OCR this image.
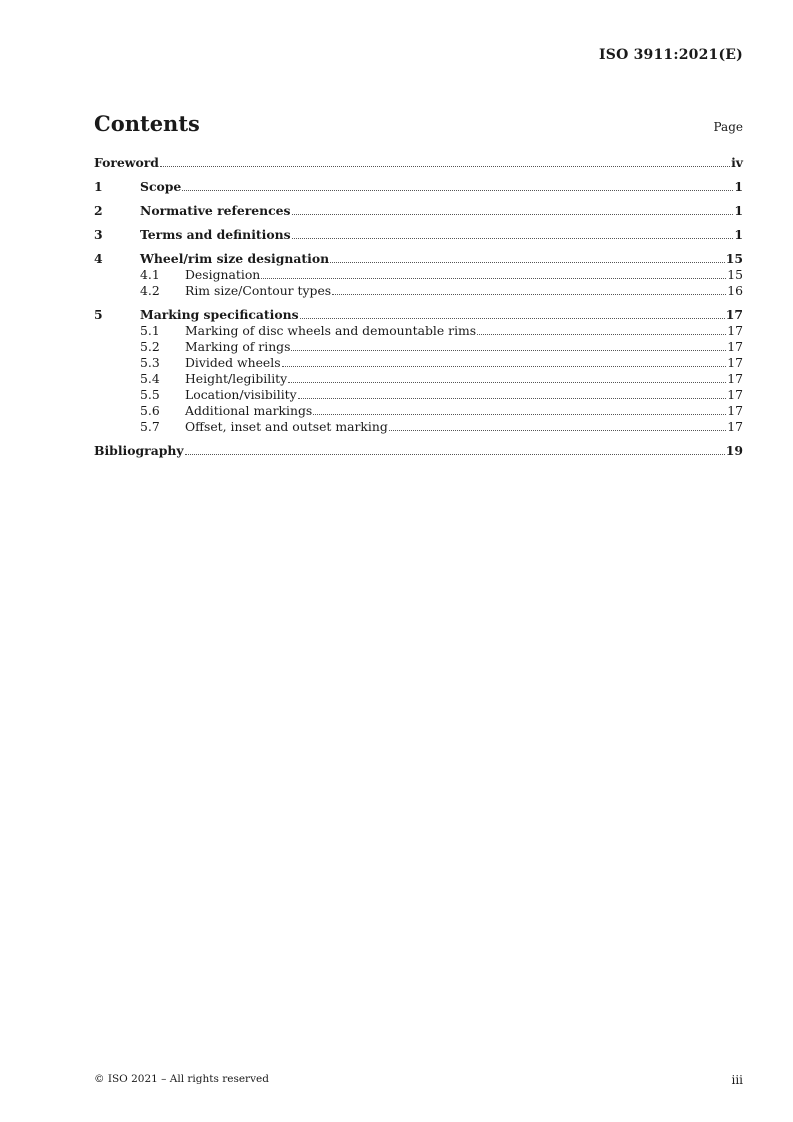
ISO 3911:2021(E)
Contents	Page
Foreword	iv
1	Scope	1
2	Normative references	1
3	Terms and definitions	1
4	Wheel/rim size designation	15
4.1	Designation	15
4.2	Rim size/Contour types	16
5	Marking specifications	17
5.1	Marking of disc wheels and demountable rims	17
5.2	Marking of rings	17
5.3	Divided wheels	17
5.4	Height/legibility	17
5.5	Location/visibility	17
5.6	Additional markings	17
5.7	Offset, inset and outset marking	17
Bibliography	19
© ISO 2021 – All rights reserved	iii
